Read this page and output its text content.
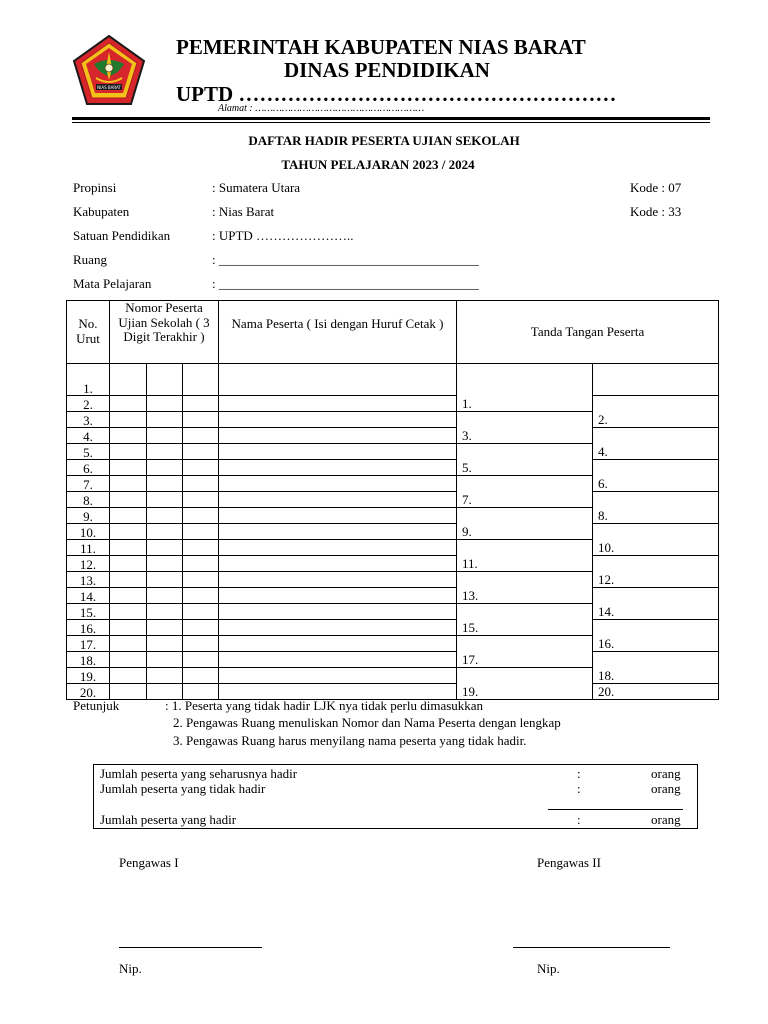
NIAS BARAT
PEMERINTAH KABUPATEN NIAS BARAT
DINAS PENDIDIKAN
UPTD ………………………………………………
Alamat : …………………………………………………
DAFTAR HADIR PESERTA UJIAN SEKOLAH
TAHUN PELAJARAN 2023 / 2024
Propinsi	: Sumatera Utara	Kode : 07
Kabupaten	: Nias Barat	Kode : 33
Satuan Pendidikan	: UPTD …………………..
Ruang	: ________________________________________
Mata Pelajaran	: ________________________________________
No. Urut	Nomor Peserta Ujian Sekolah ( 3 Digit Terakhir )			Nama Peserta ( Isi dengan Huruf Cetak )	Tanda Tangan Peserta	
1.					1.	
2.						2.
3.					3.	
4.						4.
5.					5.	
6.						6.
7.					7.	
8.						8.
9.					9.	
10.						10.
11.					11.	
12.						12.
13.					13.	
14.						14.
15.					15.	
16.						16.
17.					17.	
18.						18.
19.					19.	
20.						20.
Petunjuk	: 1. Peserta yang tidak hadir LJK nya tidak perlu dimasukkan
2. Pengawas Ruang menuliskan Nomor dan Nama Peserta dengan lengkap
3. Pengawas Ruang harus menyilang nama peserta yang tidak hadir.
Jumlah peserta yang seharusnya hadir	:	orang
Jumlah peserta yang tidak hadir	:	orang
Jumlah peserta yang hadir	:	orang
Pengawas I	Pengawas II
Nip.	Nip.
